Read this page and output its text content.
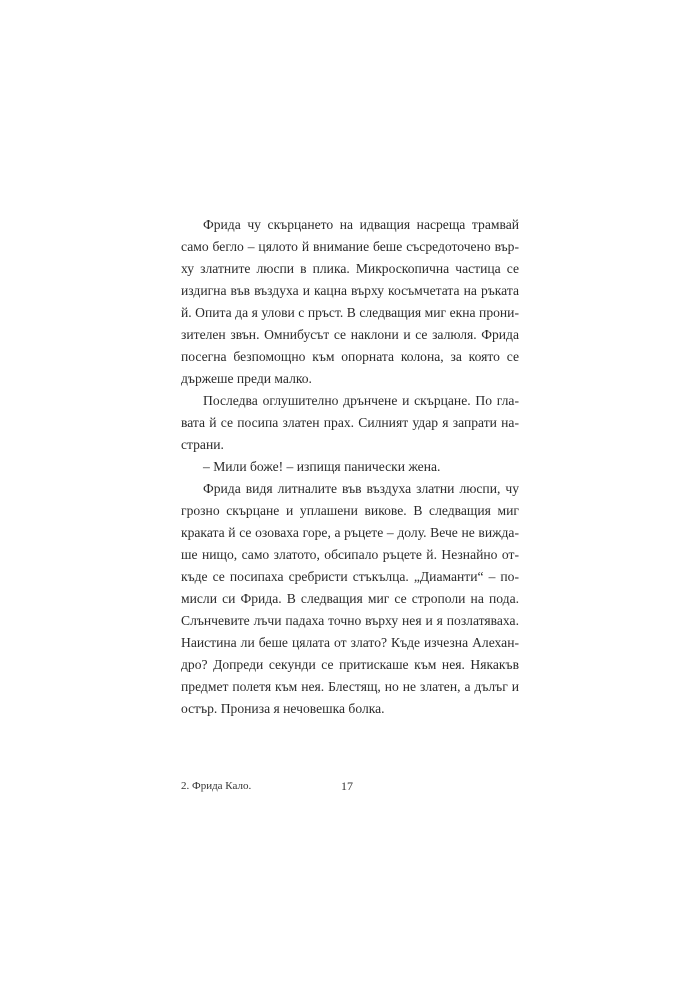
Фрида чу скърцането на идващия насреща трамвай
само бегло – цялото й внимание беше съсредоточено вър-
ху златните люспи в плика. Микроскопична частица се
издигна във въздуха и кацна върху косъмчетата на ръката
й. Опита да я улови с пръст. В следващия миг екна прони-
зителен звън. Омнибусът се наклони и се залюля. Фрида
посегна безпомощно към опорната колона, за която се
държеше преди малко.
Последва оглушително дрънчене и скърцане. По гла-
вата й се посипа златен прах. Силният удар я запрати на-
страни.
– Мили боже! – изпищя панически жена.
Фрида видя литналите във въздуха златни люспи, чу
грозно скърцане и уплашени викове. В следващия миг
краката й се озоваха горе, а ръцете – долу. Вече не вижда-
ше нищо, само златото, обсипало ръцете й. Незнайно от-
къде се посипаха сребристи стъкълца. „Диаманти“ – по-
мисли си Фрида. В следващия миг се строполи на пода.
Слънчевите лъчи падаха точно върху нея и я позлатяваха.
Наистина ли беше цялата от злато? Къде изчезна Алехан-
дро? Допреди секунди се притискаше към нея. Някакъв
предмет полетя към нея. Блестящ, но не златен, а дълъг и
остър. Прониза я нечовешка болка.
2. Фрида Кало.	17
